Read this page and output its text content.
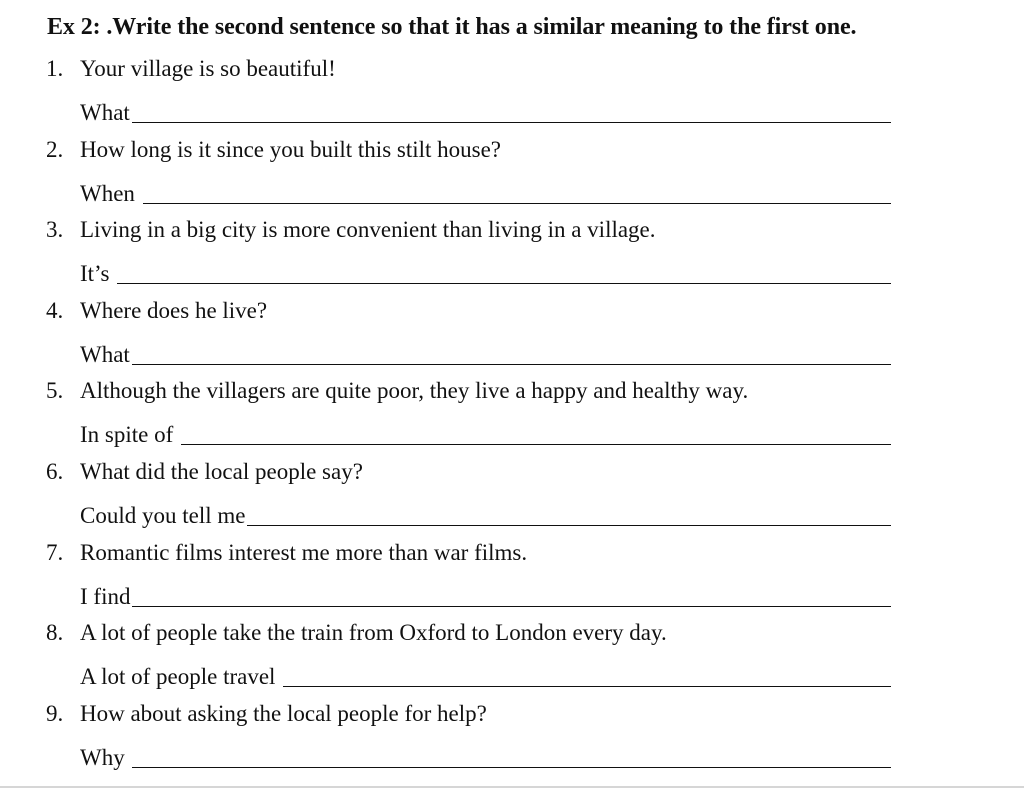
Ex 2: .Write the second sentence so that it has a similar meaning to the first one.
1. Your village is so beautiful!
What
2. How long is it since you built this stilt house?
When
3. Living in a big city is more convenient than living in a village.
It’s
4. Where does he live?
What
5. Although the villagers are quite poor, they live a happy and healthy way.
In spite of
6. What did the local people say?
Could you tell me
7. Romantic films interest me more than war films.
I find
8. A lot of people take the train from Oxford to London every day.
A lot of people travel
9. How about asking the local people for help?
Why
